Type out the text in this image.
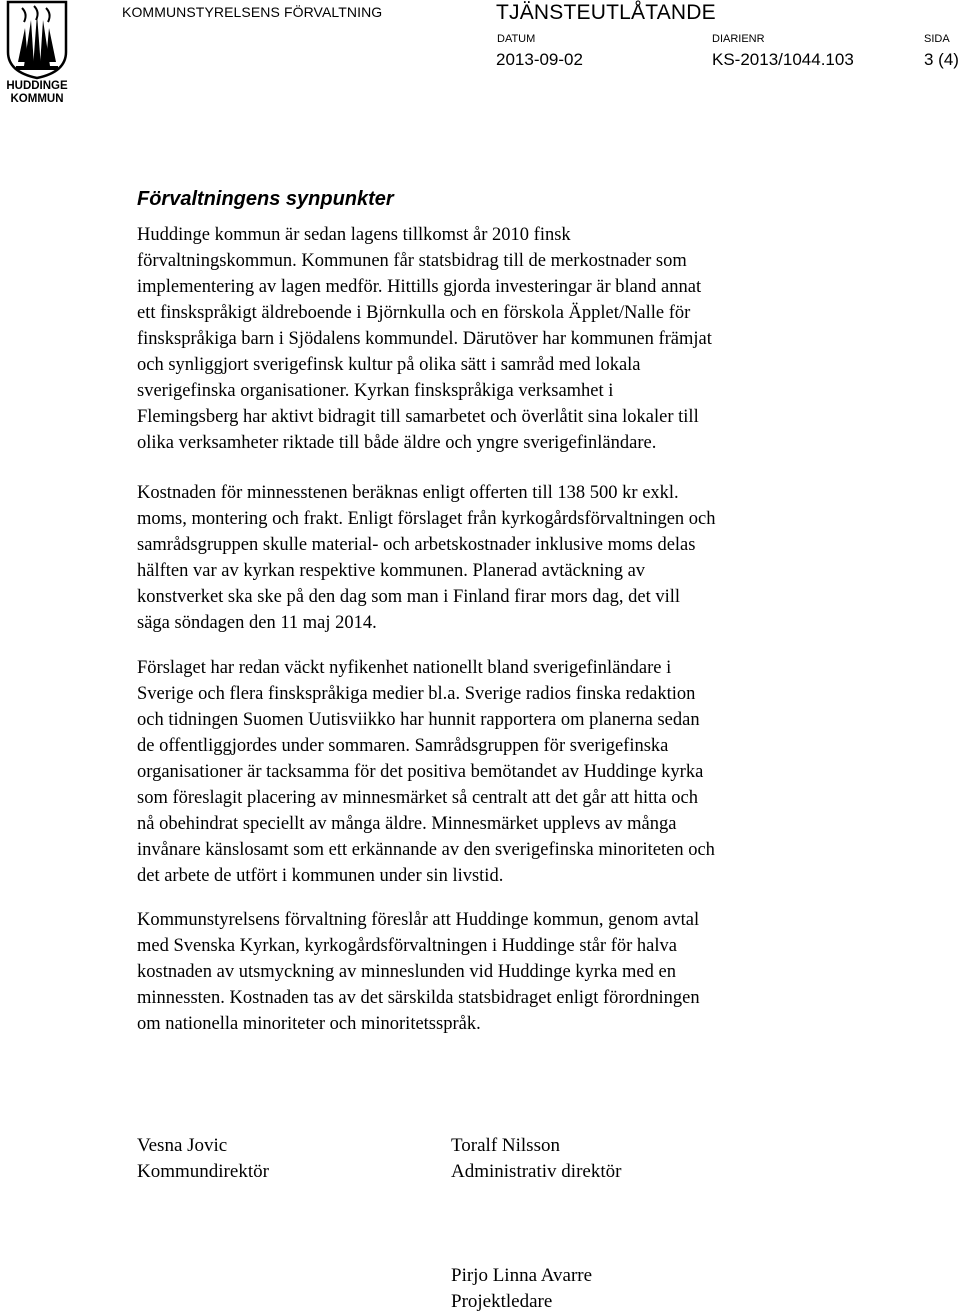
HUDDINGE
KOMMUN
KOMMUNSTYRELSENS FÖRVALTNING	TJÄNSTEUTLÅTANDE
DATUM	DIARIENR	SIDA
2013-09-02	KS-2013/1044.103	3 (4)
Förvaltningens synpunkter
Huddinge kommun är sedan lagens tillkomst år 2010 finsk
förvaltningskommun. Kommunen får statsbidrag till de merkostnader som
implementering av lagen medför. Hittills gjorda investeringar är bland annat
ett finskspråkigt äldreboende i Björnkulla och en förskola Äpplet/Nalle för
finskspråkiga barn i Sjödalens kommundel. Därutöver har kommunen främjat
och synliggjort sverigefinsk kultur på olika sätt i samråd med lokala
sverigefinska organisationer. Kyrkan finskspråkiga verksamhet i
Flemingsberg har aktivt bidragit till samarbetet och överlåtit sina lokaler till
olika verksamheter riktade till både äldre och yngre sverigefinländare.
Kostnaden för minnesstenen beräknas enligt offerten till 138 500 kr exkl.
moms, montering och frakt. Enligt förslaget från kyrkogårdsförvaltningen och
samrådsgruppen skulle material- och arbetskostnader inklusive moms delas
hälften var av kyrkan respektive kommunen. Planerad avtäckning av
konstverket ska ske på den dag som man i Finland firar mors dag, det vill
säga söndagen den 11 maj 2014.
Förslaget har redan väckt nyfikenhet nationellt bland sverigefinländare i
Sverige och flera finskspråkiga medier bl.a. Sverige radios finska redaktion
och tidningen Suomen Uutisviikko har hunnit rapportera om planerna sedan
de offentliggjordes under sommaren. Samrådsgruppen för sverigefinska
organisationer är tacksamma för det positiva bemötandet av Huddinge kyrka
som föreslagit placering av minnesmärket så centralt att det går att hitta och
nå obehindrat speciellt av många äldre. Minnesmärket upplevs av många
invånare känslosamt som ett erkännande av den sverigefinska minoriteten och
det arbete de utfört i kommunen under sin livstid.
Kommunstyrelsens förvaltning föreslår att Huddinge kommun, genom avtal
med Svenska Kyrkan, kyrkogårdsförvaltningen i Huddinge står för halva
kostnaden av utsmyckning av minneslunden vid Huddinge kyrka med en
minnessten. Kostnaden tas av det särskilda statsbidraget enligt förordningen
om nationella minoriteter och minoritetsspråk.
Vesna Jovic
Kommundirektör
Toralf Nilsson
Administrativ direktör
Pirjo Linna Avarre
Projektledare
